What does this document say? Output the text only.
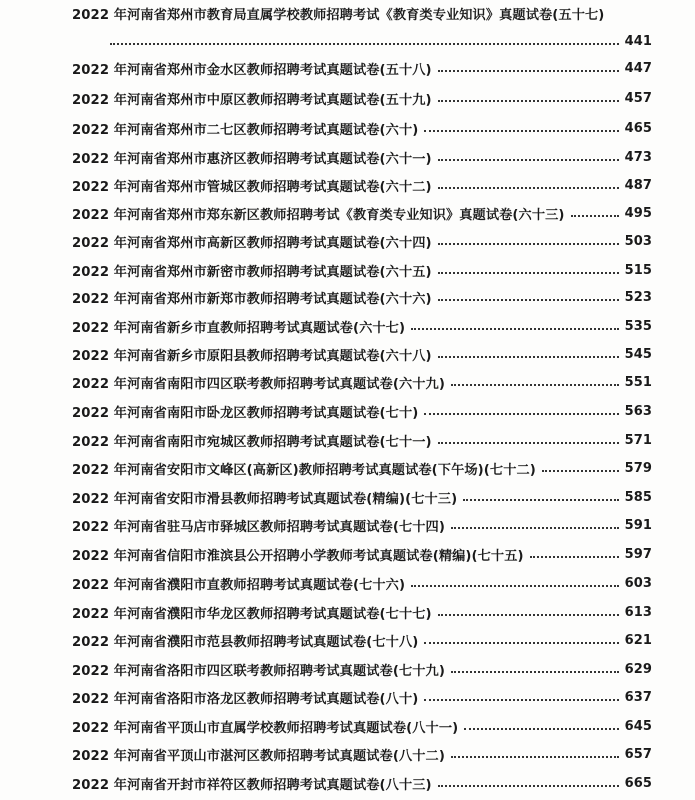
2022 年河南省郑州市教育局直属学校教师招聘考试《教育类专业知识》真题试卷(五十七)
441
2022 年河南省郑州市金水区教师招聘考试真题试卷(五十八)	447
2022 年河南省郑州市中原区教师招聘考试真题试卷(五十九)	457
2022 年河南省郑州市二七区教师招聘考试真题试卷(六十)	465
2022 年河南省郑州市惠济区教师招聘考试真题试卷(六十一)	473
2022 年河南省郑州市管城区教师招聘考试真题试卷(六十二)	487
2022 年河南省郑州市郑东新区教师招聘考试《教育类专业知识》真题试卷(六十三)	495
2022 年河南省郑州市高新区教师招聘考试真题试卷(六十四)	503
2022 年河南省郑州市新密市教师招聘考试真题试卷(六十五)	515
2022 年河南省郑州市新郑市教师招聘考试真题试卷(六十六)	523
2022 年河南省新乡市直教师招聘考试真题试卷(六十七)	535
2022 年河南省新乡市原阳县教师招聘考试真题试卷(六十八)	545
2022 年河南省南阳市四区联考教师招聘考试真题试卷(六十九)	551
2022 年河南省南阳市卧龙区教师招聘考试真题试卷(七十)	563
2022 年河南省南阳市宛城区教师招聘考试真题试卷(七十一)	571
2022 年河南省安阳市文峰区(高新区)教师招聘考试真题试卷(下午场)(七十二)	579
2022 年河南省安阳市滑县教师招聘考试真题试卷(精编)(七十三)	585
2022 年河南省驻马店市驿城区教师招聘考试真题试卷(七十四)	591
2022 年河南省信阳市淮滨县公开招聘小学教师考试真题试卷(精编)(七十五)	597
2022 年河南省濮阳市直教师招聘考试真题试卷(七十六)	603
2022 年河南省濮阳市华龙区教师招聘考试真题试卷(七十七)	613
2022 年河南省濮阳市范县教师招聘考试真题试卷(七十八)	621
2022 年河南省洛阳市四区联考教师招聘考试真题试卷(七十九)	629
2022 年河南省洛阳市洛龙区教师招聘考试真题试卷(八十)	637
2022 年河南省平顶山市直属学校教师招聘考试真题试卷(八十一)	645
2022 年河南省平顶山市湛河区教师招聘考试真题试卷(八十二)	657
2022 年河南省开封市祥符区教师招聘考试真题试卷(八十三)	665
